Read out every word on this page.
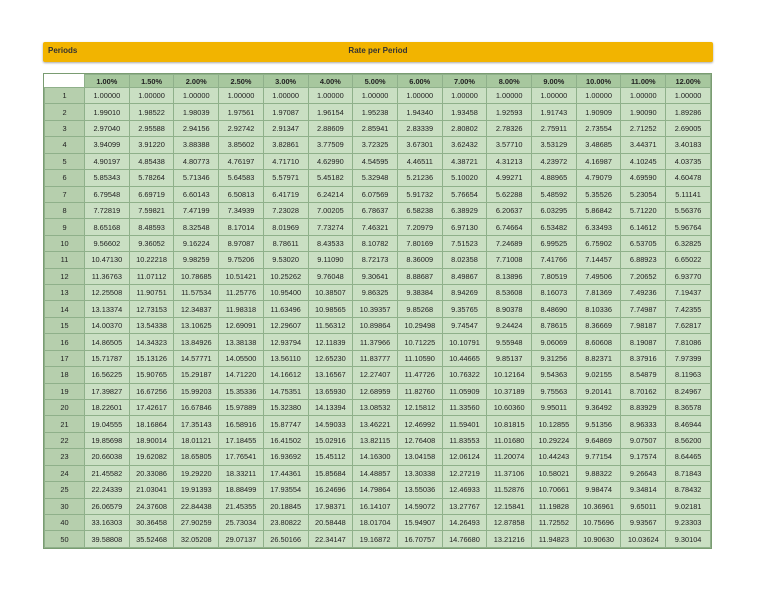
Periods	Rate per Period
	1.00%	1.50%	2.00%	2.50%	3.00%	4.00%	5.00%	6.00%	7.00%	8.00%	9.00%	10.00%	11.00%	12.00%
1	1.00000	1.00000	1.00000	1.00000	1.00000	1.00000	1.00000	1.00000	1.00000	1.00000	1.00000	1.00000	1.00000	1.00000
2	1.99010	1.98522	1.98039	1.97561	1.97087	1.96154	1.95238	1.94340	1.93458	1.92593	1.91743	1.90909	1.90090	1.89286
3	2.97040	2.95588	2.94156	2.92742	2.91347	2.88609	2.85941	2.83339	2.80802	2.78326	2.75911	2.73554	2.71252	2.69005
4	3.94099	3.91220	3.88388	3.85602	3.82861	3.77509	3.72325	3.67301	3.62432	3.57710	3.53129	3.48685	3.44371	3.40183
5	4.90197	4.85438	4.80773	4.76197	4.71710	4.62990	4.54595	4.46511	4.38721	4.31213	4.23972	4.16987	4.10245	4.03735
6	5.85343	5.78264	5.71346	5.64583	5.57971	5.45182	5.32948	5.21236	5.10020	4.99271	4.88965	4.79079	4.69590	4.60478
7	6.79548	6.69719	6.60143	6.50813	6.41719	6.24214	6.07569	5.91732	5.76654	5.62288	5.48592	5.35526	5.23054	5.11141
8	7.72819	7.59821	7.47199	7.34939	7.23028	7.00205	6.78637	6.58238	6.38929	6.20637	6.03295	5.86842	5.71220	5.56376
9	8.65168	8.48593	8.32548	8.17014	8.01969	7.73274	7.46321	7.20979	6.97130	6.74664	6.53482	6.33493	6.14612	5.96764
10	9.56602	9.36052	9.16224	8.97087	8.78611	8.43533	8.10782	7.80169	7.51523	7.24689	6.99525	6.75902	6.53705	6.32825
11	10.47130	10.22218	9.98259	9.75206	9.53020	9.11090	8.72173	8.36009	8.02358	7.71008	7.41766	7.14457	6.88923	6.65022
12	11.36763	11.07112	10.78685	10.51421	10.25262	9.76048	9.30641	8.88687	8.49867	8.13896	7.80519	7.49506	7.20652	6.93770
13	12.25508	11.90751	11.57534	11.25776	10.95400	10.38507	9.86325	9.38384	8.94269	8.53608	8.16073	7.81369	7.49236	7.19437
14	13.13374	12.73153	12.34837	11.98318	11.63496	10.98565	10.39357	9.85268	9.35765	8.90378	8.48690	8.10336	7.74987	7.42355
15	14.00370	13.54338	13.10625	12.69091	12.29607	11.56312	10.89864	10.29498	9.74547	9.24424	8.78615	8.36669	7.98187	7.62817
16	14.86505	14.34323	13.84926	13.38138	12.93794	12.11839	11.37966	10.71225	10.10791	9.55948	9.06069	8.60608	8.19087	7.81086
17	15.71787	15.13126	14.57771	14.05500	13.56110	12.65230	11.83777	11.10590	10.44665	9.85137	9.31256	8.82371	8.37916	7.97399
18	16.56225	15.90765	15.29187	14.71220	14.16612	13.16567	12.27407	11.47726	10.76322	10.12164	9.54363	9.02155	8.54879	8.11963
19	17.39827	16.67256	15.99203	15.35336	14.75351	13.65930	12.68959	11.82760	11.05909	10.37189	9.75563	9.20141	8.70162	8.24967
20	18.22601	17.42617	16.67846	15.97889	15.32380	14.13394	13.08532	12.15812	11.33560	10.60360	9.95011	9.36492	8.83929	8.36578
21	19.04555	18.16864	17.35143	16.58916	15.87747	14.59033	13.46221	12.46992	11.59401	10.81815	10.12855	9.51356	8.96333	8.46944
22	19.85698	18.90014	18.01121	17.18455	16.41502	15.02916	13.82115	12.76408	11.83553	11.01680	10.29224	9.64869	9.07507	8.56200
23	20.66038	19.62082	18.65805	17.76541	16.93692	15.45112	14.16300	13.04158	12.06124	11.20074	10.44243	9.77154	9.17574	8.64465
24	21.45582	20.33086	19.29220	18.33211	17.44361	15.85684	14.48857	13.30338	12.27219	11.37106	10.58021	9.88322	9.26643	8.71843
25	22.24339	21.03041	19.91393	18.88499	17.93554	16.24696	14.79864	13.55036	12.46933	11.52876	10.70661	9.98474	9.34814	8.78432
30	26.06579	24.37608	22.84438	21.45355	20.18845	17.98371	16.14107	14.59072	13.27767	12.15841	11.19828	10.36961	9.65011	9.02181
40	33.16303	30.36458	27.90259	25.73034	23.80822	20.58448	18.01704	15.94907	14.26493	12.87858	11.72552	10.75696	9.93567	9.23303
50	39.58808	35.52468	32.05208	29.07137	26.50166	22.34147	19.16872	16.70757	14.76680	13.21216	11.94823	10.90630	10.03624	9.30104
